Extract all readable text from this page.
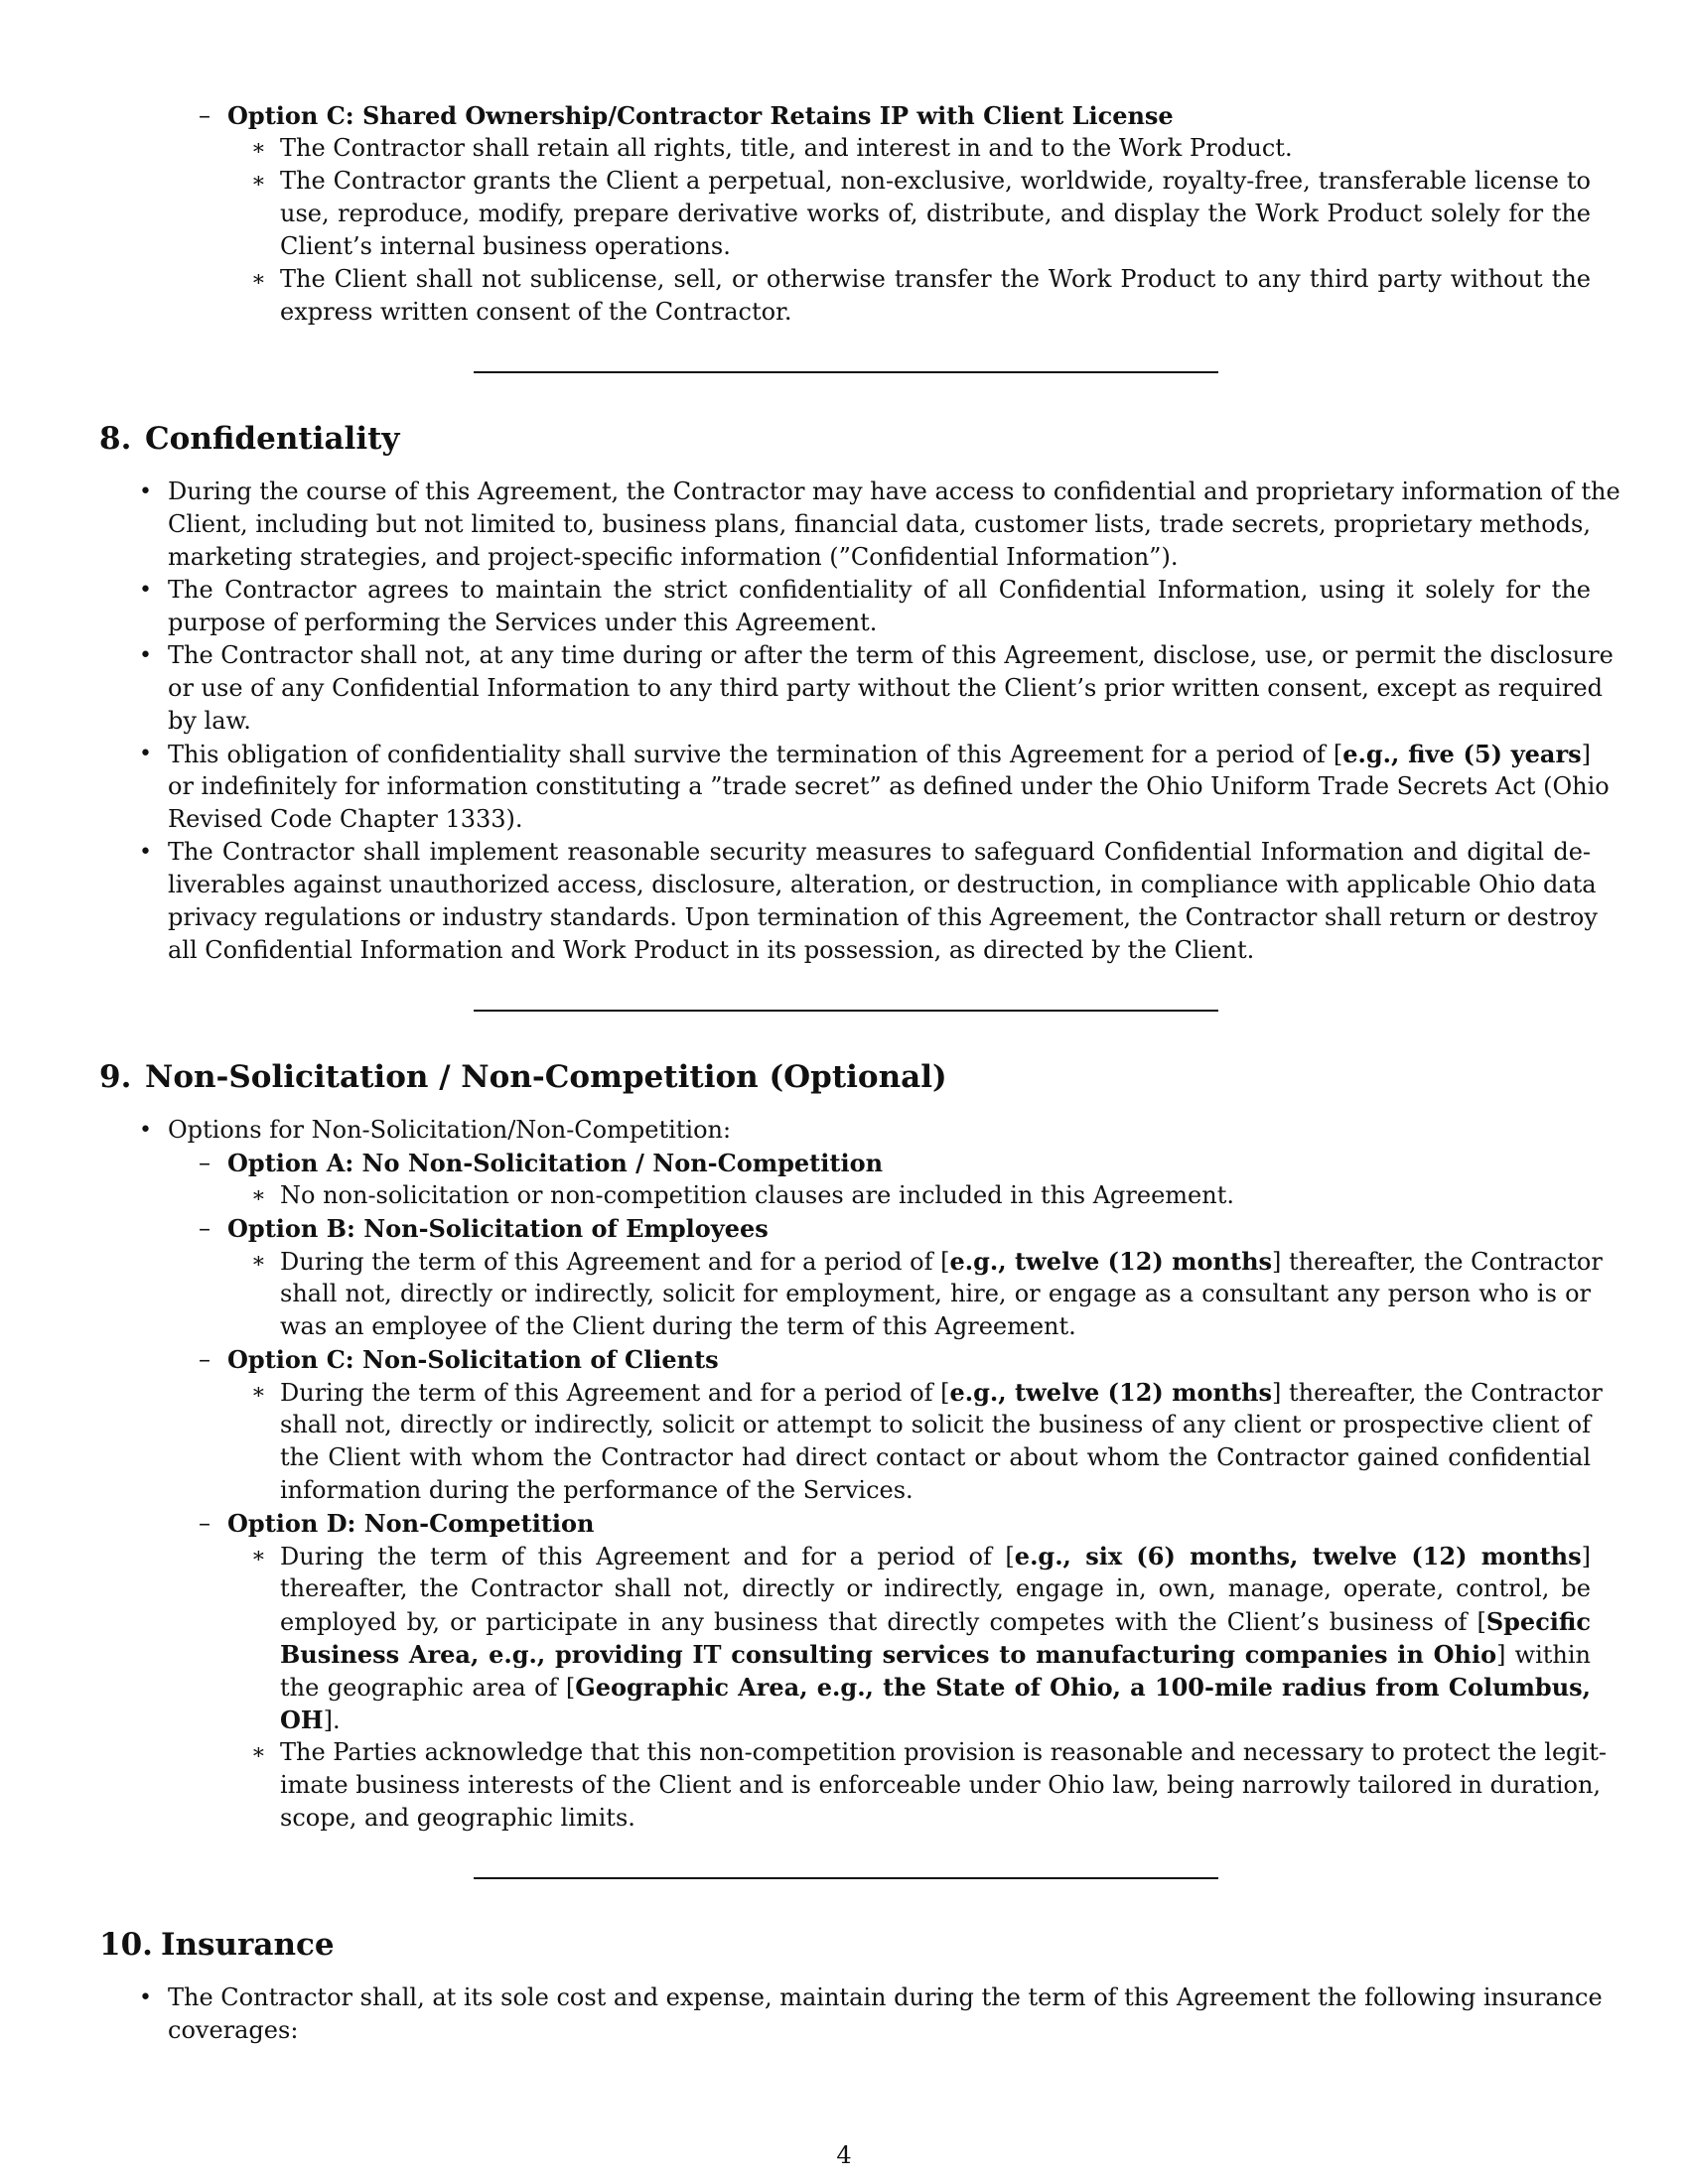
– Option C: Shared Ownership/Contractor Retains IP with Client License
∗ The Contractor shall retain all rights, title, and interest in and to the Work Product.
∗ The Contractor grants the Client a perpetual, non-exclusive, worldwide, royalty-free, transferable license to
use, reproduce, modify, prepare derivative works of, distribute, and display the Work Product solely for the
Client’s internal business operations.
∗ The Client shall not sublicense, sell, or otherwise transfer the Work Product to any third party without the
express written consent of the Contractor.
8. Confidentiality
• During the course of this Agreement, the Contractor may have access to confidential and proprietary information of the
Client, including but not limited to, business plans, financial data, customer lists, trade secrets, proprietary methods,
marketing strategies, and project-specific information (”Confidential Information”).
• The Contractor agrees to maintain the strict confidentiality of all Confidential Information, using it solely for the
purpose of performing the Services under this Agreement.
• The Contractor shall not, at any time during or after the term of this Agreement, disclose, use, or permit the disclosure
or use of any Confidential Information to any third party without the Client’s prior written consent, except as required
by law.
• This obligation of confidentiality shall survive the termination of this Agreement for a period of [e.g., five (5) years]
or indefinitely for information constituting a ”trade secret” as defined under the Ohio Uniform Trade Secrets Act (Ohio
Revised Code Chapter 1333).
• The Contractor shall implement reasonable security measures to safeguard Confidential Information and digital de-
liverables against unauthorized access, disclosure, alteration, or destruction, in compliance with applicable Ohio data
privacy regulations or industry standards. Upon termination of this Agreement, the Contractor shall return or destroy
all Confidential Information and Work Product in its possession, as directed by the Client.
9. Non-Solicitation / Non-Competition (Optional)
• Options for Non-Solicitation/Non-Competition:
– Option A: No Non-Solicitation / Non-Competition
∗ No non-solicitation or non-competition clauses are included in this Agreement.
– Option B: Non-Solicitation of Employees
∗ During the term of this Agreement and for a period of [e.g., twelve (12) months] thereafter, the Contractor
shall not, directly or indirectly, solicit for employment, hire, or engage as a consultant any person who is or
was an employee of the Client during the term of this Agreement.
– Option C: Non-Solicitation of Clients
∗ During the term of this Agreement and for a period of [e.g., twelve (12) months] thereafter, the Contractor
shall not, directly or indirectly, solicit or attempt to solicit the business of any client or prospective client of
the Client with whom the Contractor had direct contact or about whom the Contractor gained confidential
information during the performance of the Services.
– Option D: Non-Competition
∗ During the term of this Agreement and for a period of [e.g., six (6) months, twelve (12) months]
thereafter, the Contractor shall not, directly or indirectly, engage in, own, manage, operate, control, be
employed by, or participate in any business that directly competes with the Client’s business of [Specific
Business Area, e.g., providing IT consulting services to manufacturing companies in Ohio] within
the geographic area of [Geographic Area, e.g., the State of Ohio, a 100-mile radius from Columbus,
OH].
∗ The Parties acknowledge that this non-competition provision is reasonable and necessary to protect the legit-
imate business interests of the Client and is enforceable under Ohio law, being narrowly tailored in duration,
scope, and geographic limits.
10. Insurance
• The Contractor shall, at its sole cost and expense, maintain during the term of this Agreement the following insurance
coverages:
4
